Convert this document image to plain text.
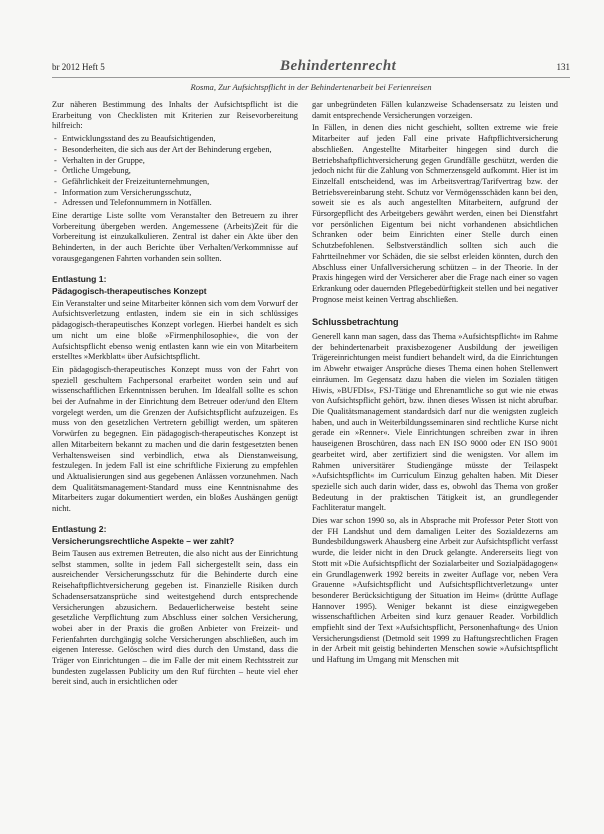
br 2012 Heft 5	Behindertenrecht	131
Rosma, Zur Aufsichtspflicht in der Behindertenarbeit bei Ferienreisen

Zur näheren Bestimmung des Inhalts der Aufsichtspflicht ist die Erarbeitung von Checklisten mit Kriterien zur Reisevorbereitung hilfreich:

- Entwicklungsstand des zu Beaufsichtigenden,
- Besonderheiten, die sich aus der Art der Behinderung ergeben,
- Verhalten in der Gruppe,
- Örtliche Umgebung,
- Gefährlichkeit der Freizeitunternehmungen,
- Information zum Versicherungsschutz,
- Adressen und Telefonnummern in Notfällen.

Eine derartige Liste sollte vom Veranstalter den Betreuern zu ihrer Vorbereitung übergeben werden. Angemessene (Arbeits)Zeit für die Vorbereitung ist einzukalkulieren. Zentral ist daher ein Akte über den Behinderten, in der auch Berichte über Verhalten/Verkommnisse auf vorausgegangenen Fahrten vorhanden sein sollten.

Entlastung 1:
Pädagogisch-therapeutisches Konzept

Ein Veranstalter und seine Mitarbeiter können sich vom dem Vorwurf der Aufsichtsverletzung entlasten, indem sie ein in sich schlüssiges pädagogisch-therapeutisches Konzept vorlegen. Hierbei handelt es sich um nicht um eine bloße »Firmenphilosophie«, die von der Aufsichtspflicht ebenso wenig entlasten kann wie ein von Mitarbeitern erstelltes »Merkblatt« über Aufsichtspflicht.

Ein pädagogisch-therapeutisches Konzept muss von der Fahrt von speziell geschultem Fachpersonal erarbeitet worden sein und auf wissenschaftlichen Erkenntnissen beruhen. Im Idealfall sollte es schon bei der Aufnahme in der Einrichtung dem Betreuer oder/und den Eltern vorgelegt werden, um die Grenzen der Aufsichtspflicht aufzuzeigen. Es muss von den gesetzlichen Vertretern gebilligt werden, um späteren Vorwürfen zu begegnen. Ein pädagogisch-therapeutisches Konzept ist allen Mitarbeitern bekannt zu machen und die darin festgesetzten benen Verhaltensweisen sind verbindlich, etwa als Dienstanweisung, festzulegen. In jedem Fall ist eine schriftliche Fixierung zu empfehlen und Aktualisierungen sind aus gegebenen Anlässen vorzunehmen. Nach dem Qualitätsmanagement-Standard muss eine Kenntnisnahme des Mitarbeiters zugar dokumentiert werden, ein bloßes Aushängen genügt nicht.

Entlastung 2:
Versicherungsrechtliche Aspekte – wer zahlt?

Beim Tausen aus extremen Betreuten, die also nicht aus der Einrichtung selbst stammen, sollte in jedem Fall sichergestellt sein, dass ein ausreichender Versicherungsschutz für die Behinderte durch eine Reisehaftpflichtversicherung gegeben ist. Finanzielle Risiken durch Schadensersatzansprüche sind weitestgehend durch entsprechende Versicherungen abzusichern. Bedauerlicherweise besteht seine gesetzliche Verpflichtung zum Abschluss einer solchen Versicherung, wobei aber in der Praxis die großen Anbieter von Freizeit- und Ferienfahrten durchgängig solche Versicherungen abschließen, auch im eigenen Interesse. Gelöschen wird dies durch den Umstand, dass die Träger von Einrichtungen – die im Falle der mit einem Rechtsstreit zur bundesten zugelassen Publicity um den Ruf fürchten – heute viel eher bereit sind, auch in ersichtlichen oder

gar unbegründeten Fällen kulanzweise Schadensersatz zu leisten und damit entsprechende Versicherungen vorzeigen.

In Fällen, in denen dies nicht geschieht, sollten extreme wie freie Mitarbeiter auf jeden Fall eine private Haftpflichtversicherung abschließen. Angestellte Mitarbeiter hingegen sind durch die Betriebshaftpflichtversicherung gegen Grundfälle geschützt, werden die jedoch nicht für die Zahlung von Schmerzensgeld aufkommt. Hier ist im Einzelfall entscheidend, was im Arbeitsvertrag/Tarifvertrag bzw. der Betriebsvereinbarung steht. Schutz vor Vermögensschäden kann bei den, soweit sie es als auch angestellten Mitarbeitern, aufgrund der Fürsorgepflicht des Arbeitgebers gewährt werden, einen bei Dienstfahrt vor persönlichen Eigentum bei nicht vorhandenen absichtlichen Schranken oder beim Einrichten einer Stelle durch einen Schutzbefohlenen. Selbstverständlich sollten sich auch die Fahrtteilnehmer vor Schäden, die sie selbst erleiden könnten, durch den Abschluss einer Unfallversicherung schützen – in der Theorie. In der Praxis hingegen wird der Versicherer aber die Frage nach einer so vagen Erkrankung oder dauernden Pflegebedürftigkeit stellen und bei negativer Prognose meist keinen Vertrag abschließen.

Schlussbetrachtung

Generell kann man sagen, dass das Thema »Aufsichtspflicht« im Rahme der behindertenarbeit praxisbezogener Ausbildung der jeweiligen Trägereinrichtungen meist fundiert behandelt wird, da die Einrichtungen im Abwehr etwaiger Ansprüche dieses Thema einen hohen Stellenwert einräumen. Im Gegensatz dazu haben die vielen im Sozialen tätigen Hiwis, »BUFDIs«, FSJ-Tätige und Ehrenamtliche so gut wie nie etwas von Aufsichtspflicht gehört, bzw. ihnen dieses Wissen ist nicht abrufbar. Die Qualitätsmanagement standardsich darf nur die wenigsten zugleich haben, und auch in Weiterbildungsseminaren sind rechtliche Kurse nicht gerade ein »Renner«. Viele Einrichtungen schreiben zwar in ihren hauseigenen Broschüren, dass nach EN ISO 9000 oder EN ISO 9001 gearbeitet wird, aber zertifiziert sind die wenigsten. Vor allem im Rahmen universitärer Studiengänge müsste der Teilaspekt »Aufsichtspflicht« im Curriculum Einzug gehalten haben. Mit Dieser spezielle sich auch darin wider, dass es, obwohl das Thema von großer Bedeutung in der praktischen Tätigkeit ist, an grundlegender Fachliteratur mangelt.

Dies war schon 1990 so, als in Absprache mit Professor Peter Stott von der FH Landshut und dem damaligen Leiter des Sozialdezerns am Bundesbildungswerk Ahausberg eine Arbeit zur Aufsichtspflicht verfasst wurde, die leider nicht in den Druck gelangte. Andererseits liegt von Stott mit »Die Aufsichtspflicht der Sozialarbeiter und Sozialpädagogen« ein Grundlagenwerk 1992 bereits in zweiter Auflage vor, neben Vera Grauenne »Aufsichtspflicht und Aufsichtspflichtverletzung« unter besonderer Berücksichtigung der Situation im Heim« (drüttte Auflage Hannover 1995). Weniger bekannt ist diese einzigwegeben wissenschaftlichen Arbeiten sind kurz genauer Reader. Vorbildlich empfiehlt sind der Text »Aufsichtspflicht, Personenhaftung« des Union Versicherungsdienst (Detmold seit 1999 zu Haftungsrechtlichen Fragen in der Arbeit mit geistig behinderten Menschen sowie »Aufsichtspflicht und Haftung im Umgang mit Menschen mit
